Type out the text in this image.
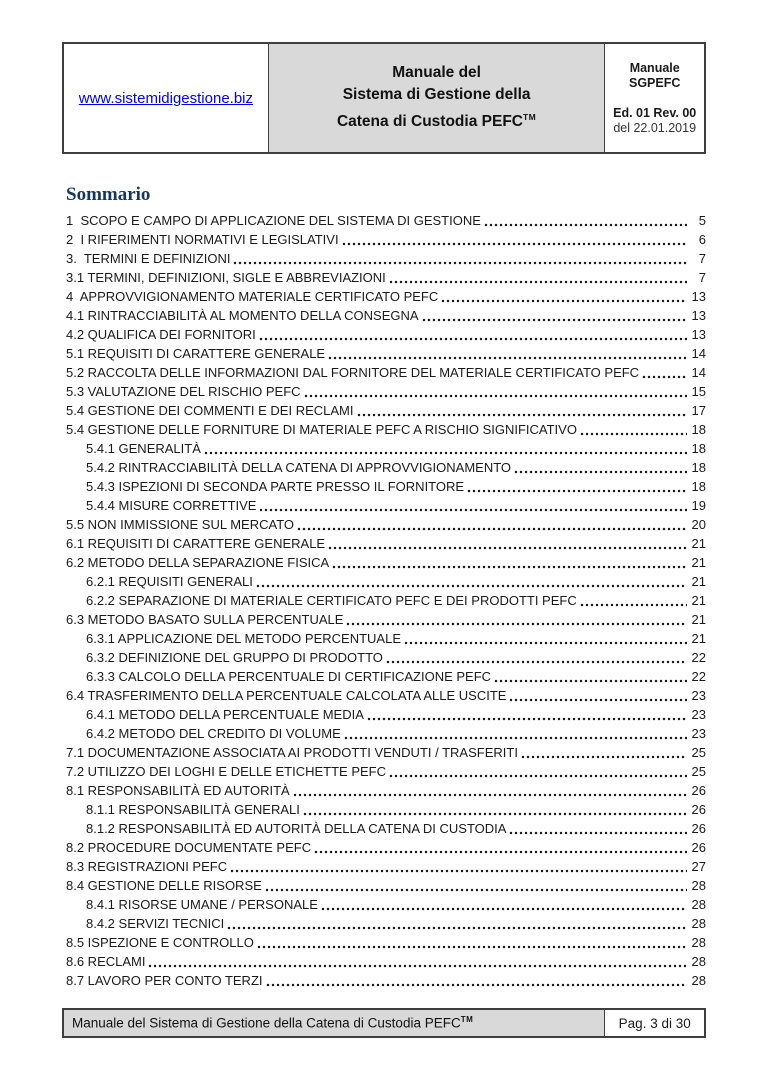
www.sistemidigestione.biz
Manuale del
Sistema di Gestione della
Catena di Custodia PEFC™
Manuale SGPEFC
Ed. 01 Rev. 00
del 22.01.2019
Sommario
1  SCOPO E CAMPO DI APPLICAZIONE DEL SISTEMA DI GESTIONE	5
2  I RIFERIMENTI NORMATIVI E LEGISLATIVI	6
3.  TERMINI E DEFINIZIONI	7
3.1 TERMINI, DEFINIZIONI, SIGLE E ABBREVIAZIONI	7
4  APPROVVIGIONAMENTO MATERIALE CERTIFICATO PEFC	13
4.1 RINTRACCIABILITÀ AL MOMENTO DELLA CONSEGNA	13
4.2 QUALIFICA DEI FORNITORI	13
5.1 REQUISITI DI CARATTERE GENERALE	14
5.2 RACCOLTA DELLE INFORMAZIONI DAL FORNITORE DEL MATERIALE CERTIFICATO PEFC	14
5.3 VALUTAZIONE DEL RISCHIO PEFC	15
5.4 GESTIONE DEI COMMENTI E DEI RECLAMI	17
5.4 GESTIONE DELLE FORNITURE DI MATERIALE PEFC A RISCHIO SIGNIFICATIVO	18
5.4.1 GENERALITÀ	18
5.4.2 RINTRACCIABILITÀ DELLA CATENA DI APPROVVIGIONAMENTO	18
5.4.3 ISPEZIONI DI SECONDA PARTE PRESSO IL FORNITORE	18
5.4.4 MISURE CORRETTIVE	19
5.5 NON IMMISSIONE SUL MERCATO	20
6.1 REQUISITI DI CARATTERE GENERALE	21
6.2 METODO DELLA SEPARAZIONE FISICA	21
6.2.1 REQUISITI GENERALI	21
6.2.2 SEPARAZIONE DI MATERIALE CERTIFICATO PEFC E DEI PRODOTTI PEFC	21
6.3 METODO BASATO SULLA PERCENTUALE	21
6.3.1 APPLICAZIONE DEL METODO PERCENTUALE	21
6.3.2 DEFINIZIONE DEL GRUPPO DI PRODOTTO	22
6.3.3 CALCOLO DELLA PERCENTUALE DI CERTIFICAZIONE PEFC	22
6.4 TRASFERIMENTO DELLA PERCENTUALE CALCOLATA ALLE USCITE	23
6.4.1 METODO DELLA PERCENTUALE MEDIA	23
6.4.2 METODO DEL CREDITO DI VOLUME	23
7.1 DOCUMENTAZIONE ASSOCIATA AI PRODOTTI VENDUTI / TRASFERITI	25
7.2 UTILIZZO DEI LOGHI E DELLE ETICHETTE PEFC	25
8.1 RESPONSABILITÀ ED AUTORITÀ	26
8.1.1 RESPONSABILITÀ GENERALI	26
8.1.2 RESPONSABILITÀ ED AUTORITÀ DELLA CATENA DI CUSTODIA	26
8.2 PROCEDURE DOCUMENTATE PEFC	26
8.3 REGISTRAZIONI PEFC	27
8.4 GESTIONE DELLE RISORSE	28
8.4.1 RISORSE UMANE / PERSONALE	28
8.4.2 SERVIZI TECNICI	28
8.5 ISPEZIONE E CONTROLLO	28
8.6 RECLAMI	28
8.7 LAVORO PER CONTO TERZI	28
Manuale del Sistema di Gestione della Catena di Custodia PEFC™	Pag. 3 di 30
